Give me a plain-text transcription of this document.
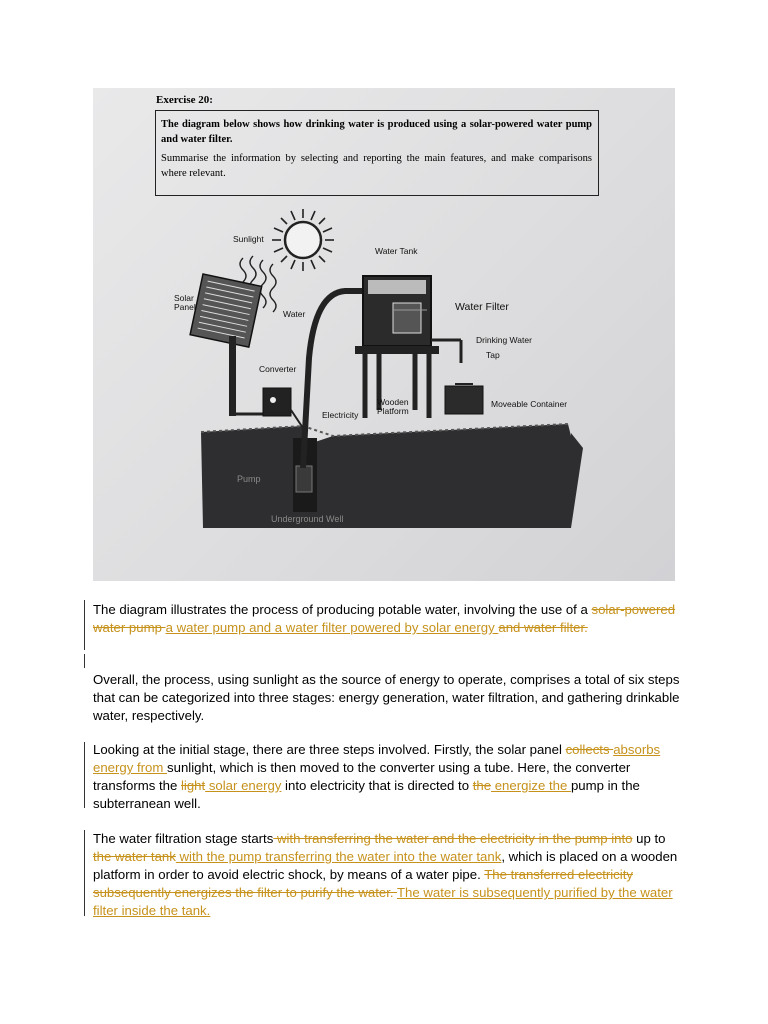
Exercise 20:
The diagram below shows how drinking water is produced using a solar-powered water pump and water filter.
Summarise the information by selecting and reporting the main features, and make comparisons where relevant.
Sunlight
Water Tank
Solar
Panel
Water
Water Filter
Drinking Water
Tap
Converter
Electricity
Wooden
Platform
Moveable Container
Pump
Underground Well

The diagram illustrates the process of producing potable water, involving the use of a solar-powered water pump a water pump and a water filter powered by solar energy and water filter.

Overall, the process, using sunlight as the source of energy to operate, comprises a total of six steps that can be categorized into three stages: energy generation, water filtration, and gathering drinkable water, respectively.

Looking at the initial stage, there are three steps involved. Firstly, the solar panel collects absorbs energy from sunlight, which is then moved to the converter using a tube. Here, the converter transforms the light solar energy into electricity that is directed to the energize the pump in the subterranean well.

The water filtration stage starts with transferring the water and the electricity in the pump into up to the water tank with the pump transferring the water into the water tank, which is placed on a wooden platform in order to avoid electric shock, by means of a water pipe. The transferred electricity subsequently energizes the filter to purify the water. The water is subsequently purified by the water filter inside the tank.
